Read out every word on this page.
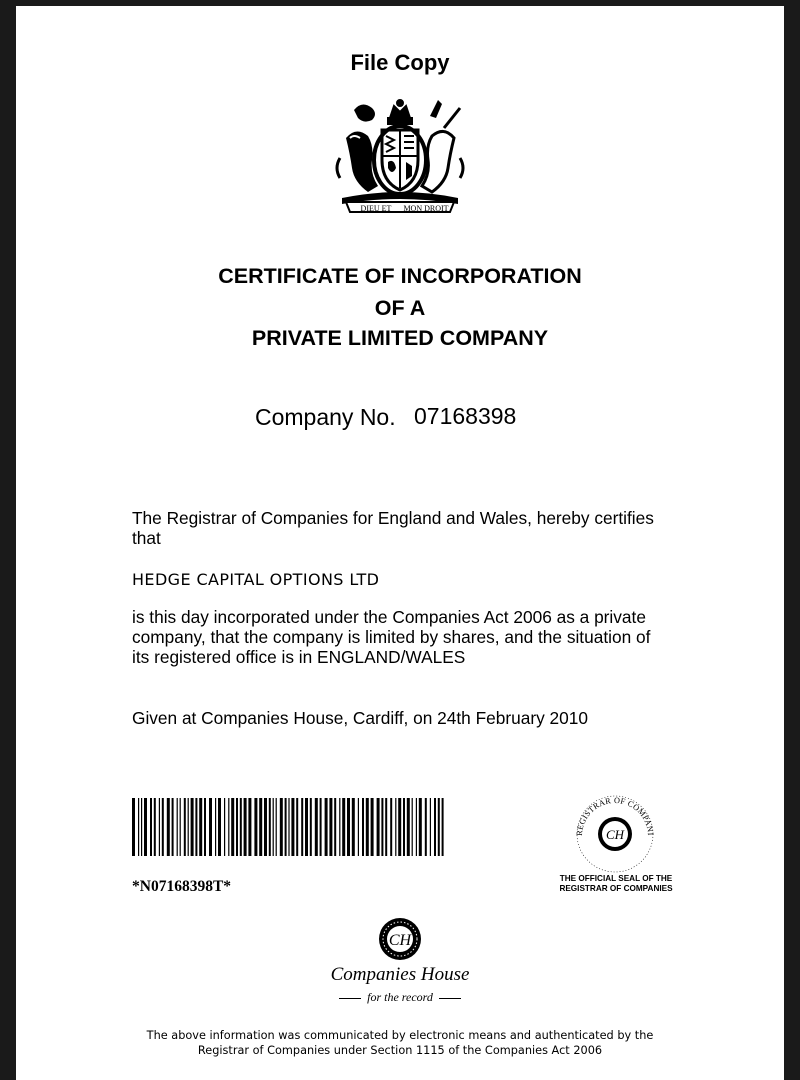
File Copy
DIEU ET MON DROIT
CERTIFICATE OF INCORPORATION
OF A
PRIVATE LIMITED COMPANY
Company No. 07168398
The Registrar of Companies for England and Wales, hereby certifies
that
HEDGE CAPITAL OPTIONS LTD
is this day incorporated under the Companies Act 2006 as a private
company, that the company is limited by shares, and the situation of
its registered office is in ENGLAND/WALES
Given at Companies House, Cardiff, on 24th February 2010
*N07168398T*
REGISTRAR OF COMPANI
CH
THE OFFICIAL SEAL OF THE
REGISTRAR OF COMPANIES
CH
Companies House
for the record
The above information was communicated by electronic means and authenticated by the
Registrar of Companies under Section 1115 of the Companies Act 2006
